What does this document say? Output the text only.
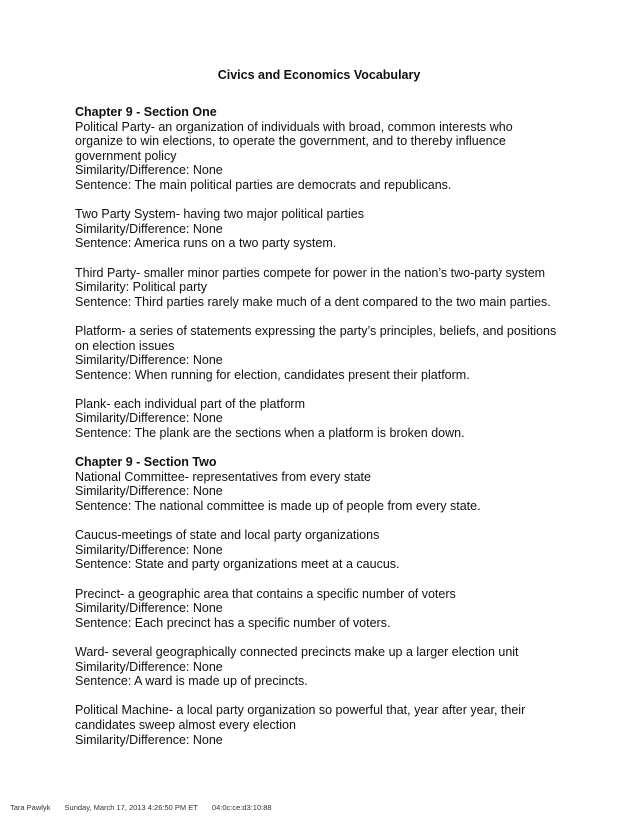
Civics and Economics Vocabulary
Chapter 9 - Section One
Political Party- an organization of individuals with broad, common interests who
organize to win elections, to operate the government, and to thereby influence
government policy
Similarity/Difference: None
Sentence: The main political parties are democrats and republicans.
Two Party System- having two major political parties
Similarity/Difference: None
Sentence: America runs on a two party system.
Third Party- smaller minor parties compete for power in the nation’s two-party system
Similarity: Political party
Sentence: Third parties rarely make much of a dent compared to the two main parties.
Platform- a series of statements expressing the party’s principles, beliefs, and positions
on election issues
Similarity/Difference: None
Sentence: When running for election, candidates present their platform.
Plank- each individual part of the platform
Similarity/Difference: None
Sentence: The plank are the sections when a platform is broken down.
Chapter 9 - Section Two
National Committee- representatives from every state
Similarity/Difference: None
Sentence: The national committee is made up of people from every state.
Caucus-meetings of state and local party organizations
Similarity/Difference: None
Sentence: State and party organizations meet at a caucus.
Precinct- a geographic area that contains a specific number of voters
Similarity/Difference: None
Sentence: Each precinct has a specific number of voters.
Ward- several geographically connected precincts make up a larger election unit
Similarity/Difference: None
Sentence: A ward is made up of precincts.
Political Machine- a local party organization so powerful that, year after year, their
candidates sweep almost every election
Similarity/Difference: None
Tara Pawlyk Sunday, March 17, 2013 4:26:50 PM ET 04:0c:ce:d3:10:88
